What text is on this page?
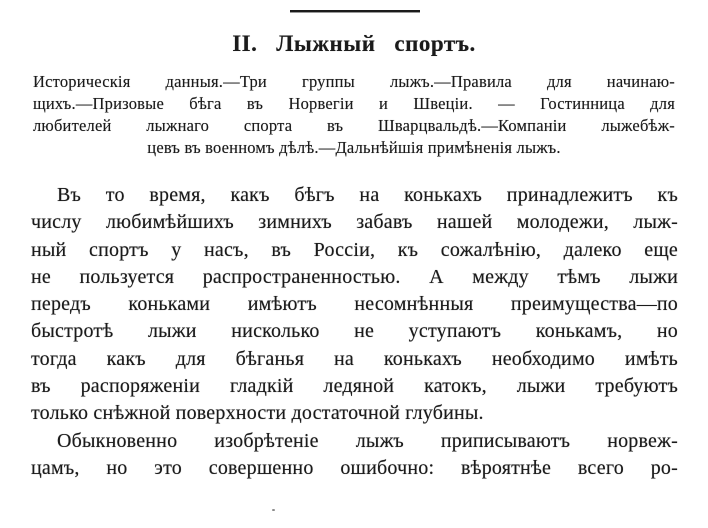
II. Лыжный спортъ.
Историческія данныя.—Три группы лыжъ.—Правила для начинаю-
щихъ.—Призовые бѣга въ Норвегіи и Швеціи. — Гостинница для
любителей лыжнаго спорта въ Шварцвальдѣ.—Компаніи лыжебѣж-
цевъ въ военномъ дѣлѣ.—Дальнѣйшія примѣненія лыжъ.
Въ то время, какъ бѣгъ на конькахъ принадлежитъ къ
числу любимѣйшихъ зимнихъ забавъ нашей молодежи, лыж-
ный спортъ у насъ, въ Россіи, къ сожалѣнію, далеко еще
не пользуется распространенностью. А между тѣмъ лыжи
передъ коньками имѣютъ несомнѣнныя преимущества—по
быстротѣ лыжи нисколько не уступаютъ конькамъ, но
тогда какъ для бѣганья на конькахъ необходимо имѣть
въ распоряженіи гладкій ледяной катокъ, лыжи требуютъ
только снѣжной поверхности достаточной глубины.
Обыкновенно изобрѣтеніе лыжъ приписываютъ норвеж-
цамъ, но это совершенно ошибочно: вѣроятнѣе всего ро-
